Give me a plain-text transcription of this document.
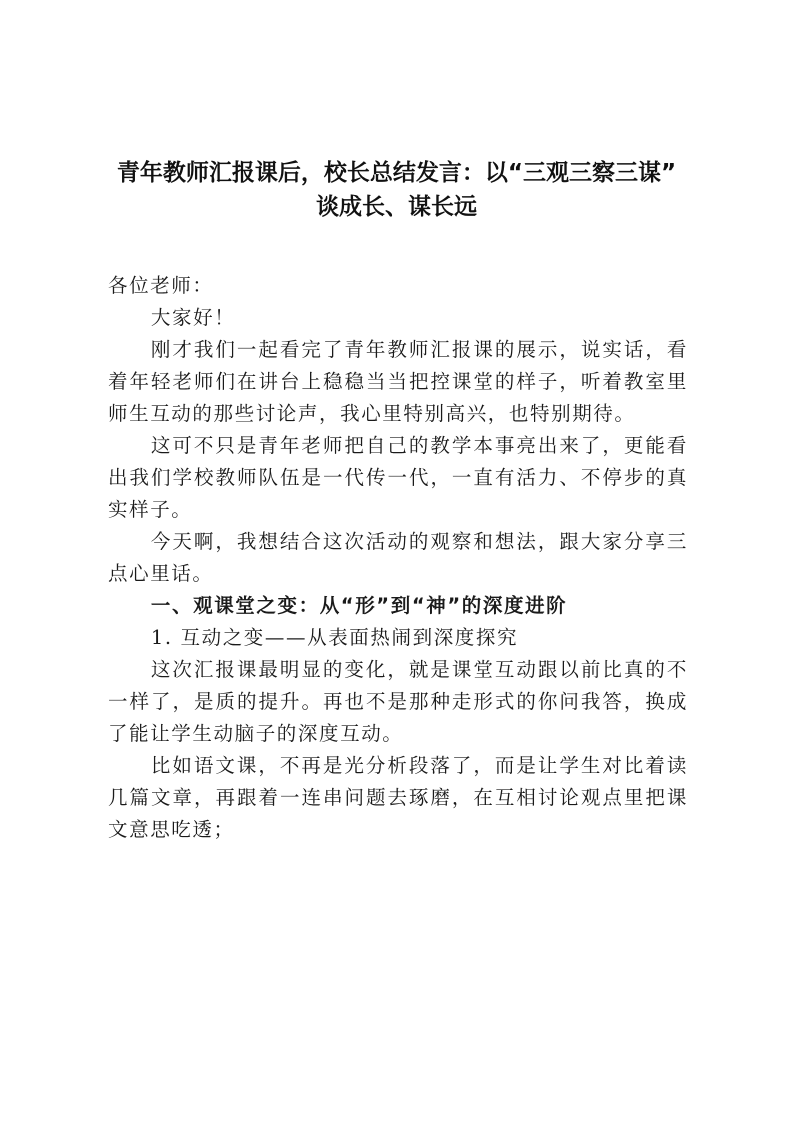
青年教师汇报课后，校长总结发言：以“三观三察三谋”
谈成长、谋长远

各位老师：

大家好！

刚才我们一起看完了青年教师汇报课的展示，说实话，看着年轻老师们在讲台上稳稳当当把控课堂的样子，听着教室里师生互动的那些讨论声，我心里特别高兴，也特别期待。

这可不只是青年老师把自己的教学本事亮出来了，更能看出我们学校教师队伍是一代传一代，一直有活力、不停步的真实样子。

今天啊，我想结合这次活动的观察和想法，跟大家分享三点心里话。

一、观课堂之变：从“形”到“神”的深度进阶

1. 互动之变——从表面热闹到深度探究

这次汇报课最明显的变化，就是课堂互动跟以前比真的不一样了，是质的提升。再也不是那种走形式的你问我答，换成了能让学生动脑子的深度互动。

比如语文课，不再是光分析段落了，而是让学生对比着读几篇文章，再跟着一连串问题去琢磨，在互相讨论观点里把课文意思吃透；
